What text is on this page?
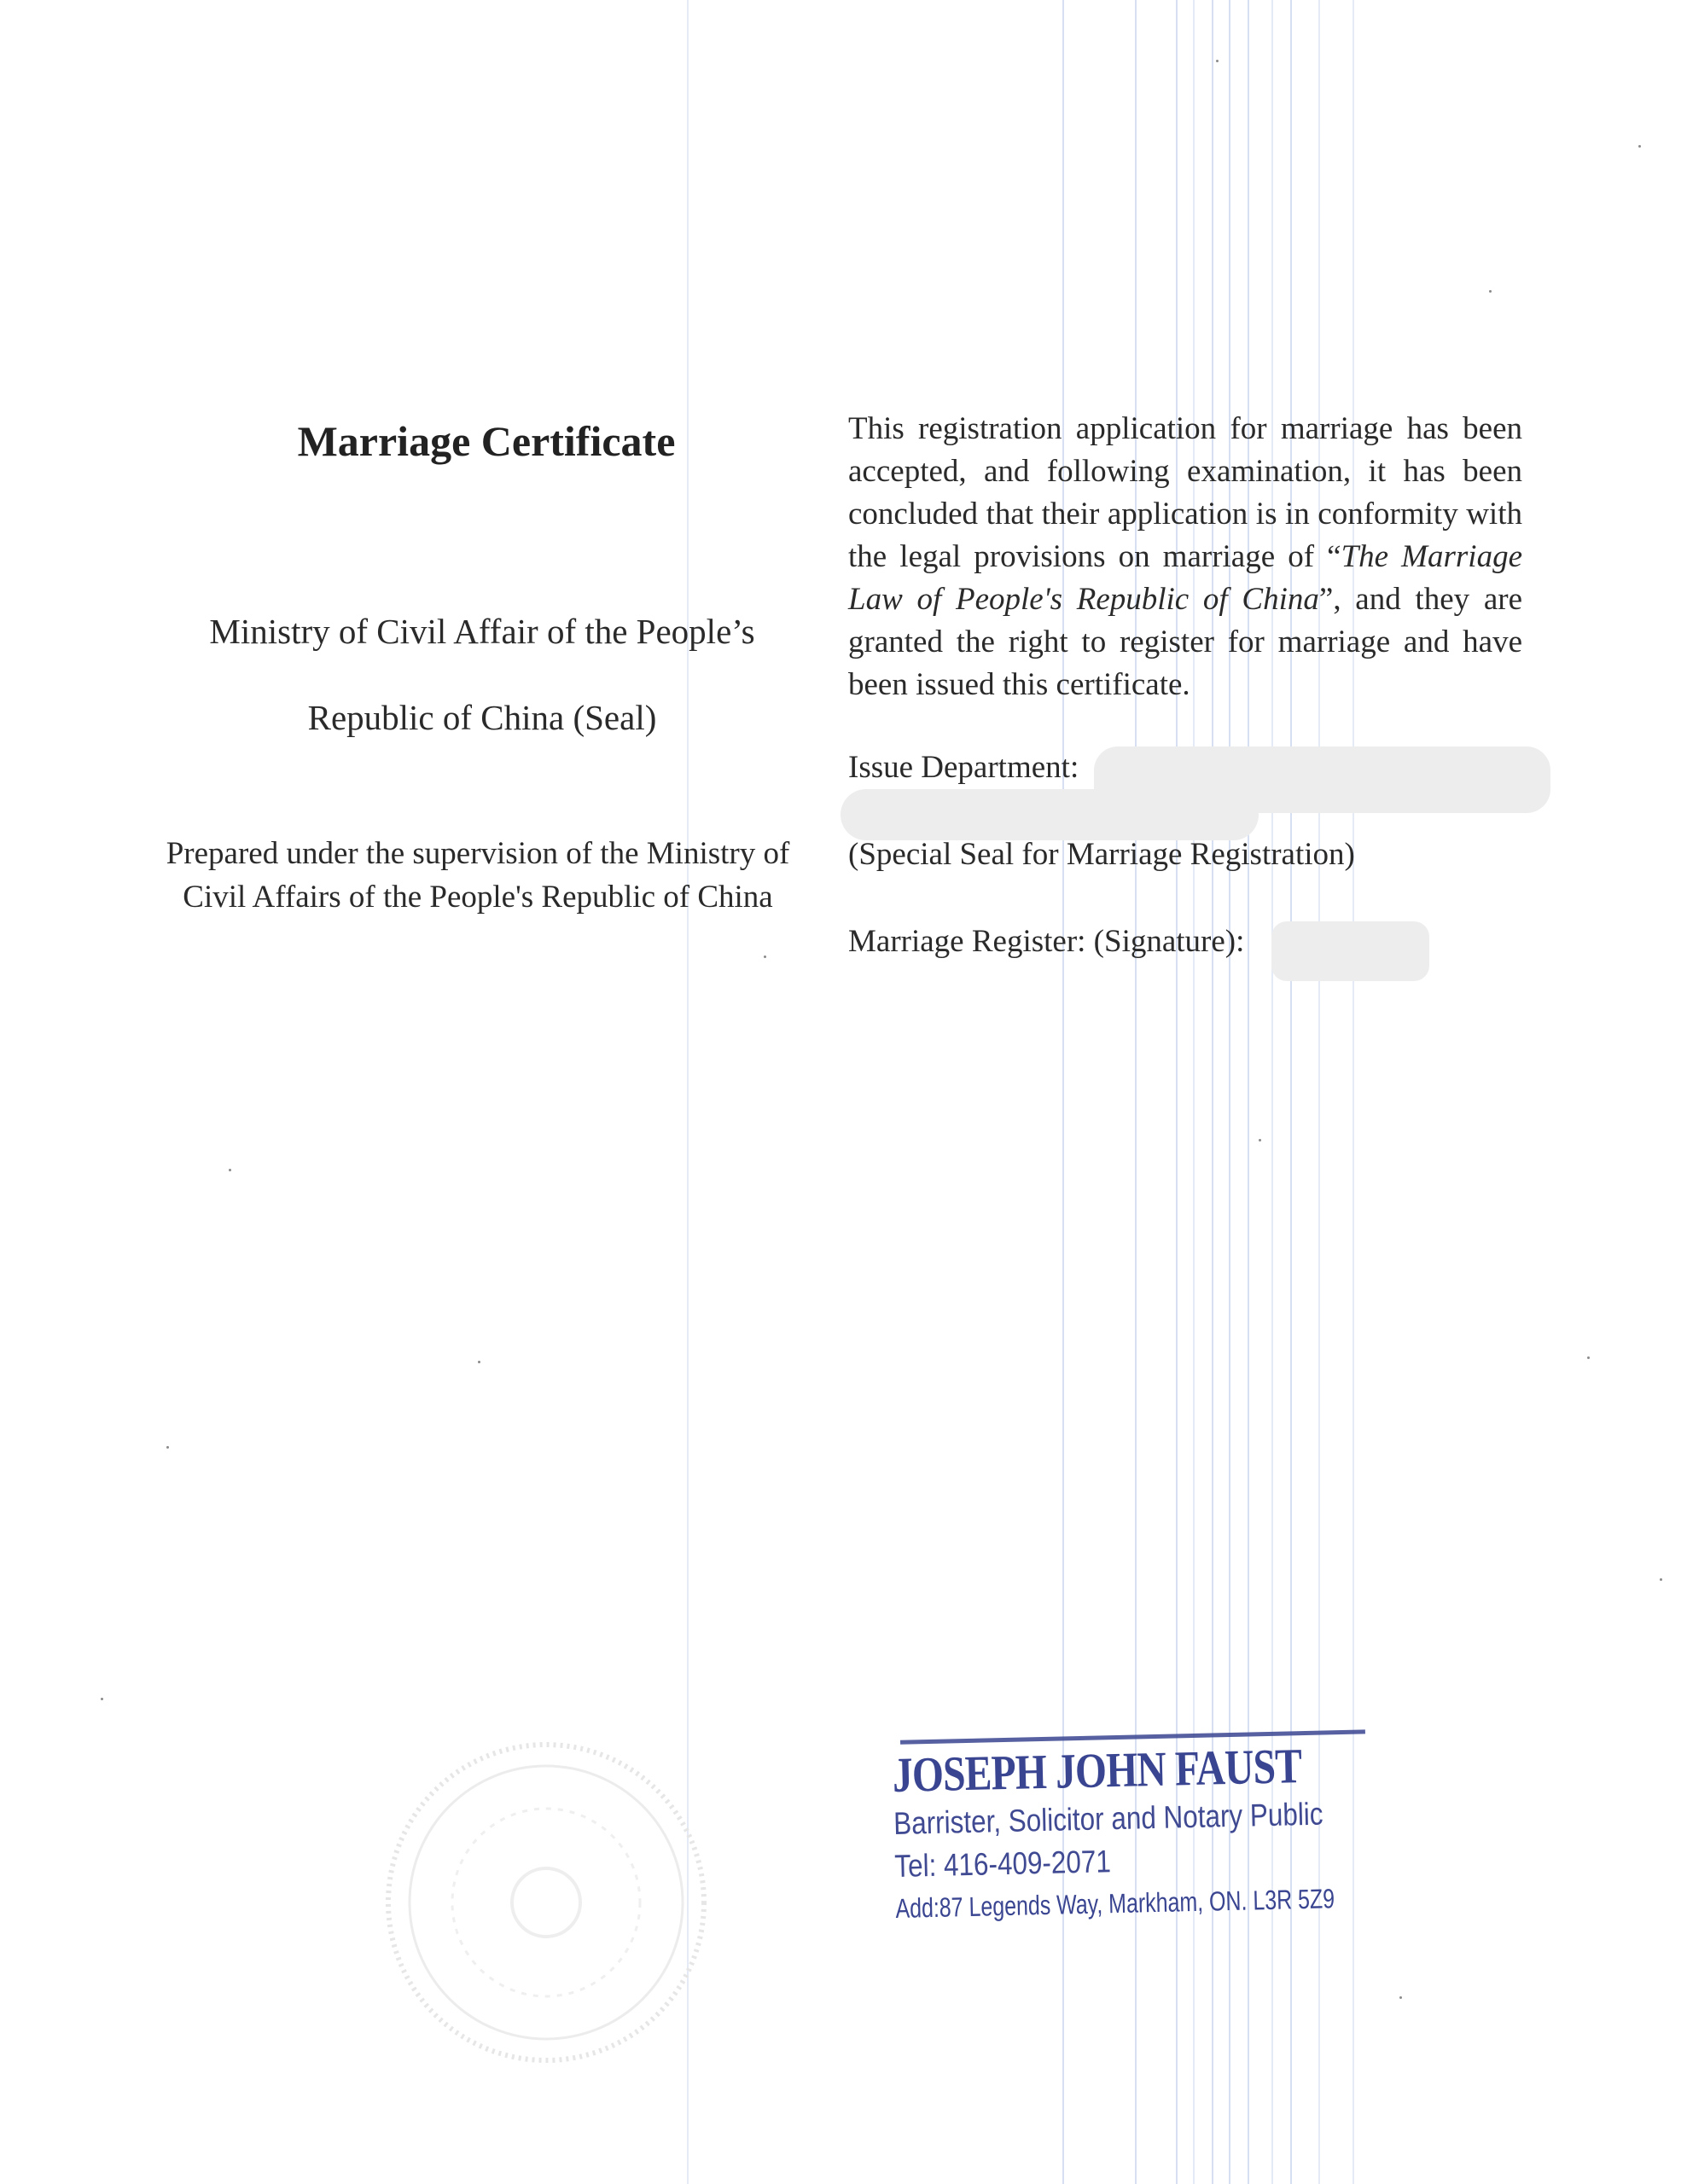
Marriage Certificate
Ministry of Civil Affair of the People’s
Republic of China (Seal)
Prepared under the supervision of the Ministry of
Civil Affairs of the People's Republic of China
This registration application for marriage has been accepted, and following examination, it has been concluded that their application is in conformity with the legal provisions on marriage of “The Marriage Law of People's Republic of China”, and they are granted the right to register for marriage and have been issued this certificate.
Issue Department:
(Special Seal for Marriage Registration)
Marriage Register: (Signature):
JOSEPH JOHN FAUST
Barrister, Solicitor and Notary Public
Tel: 416-409-2071
Add:87 Legends Way, Markham, ON. L3R 5Z9
